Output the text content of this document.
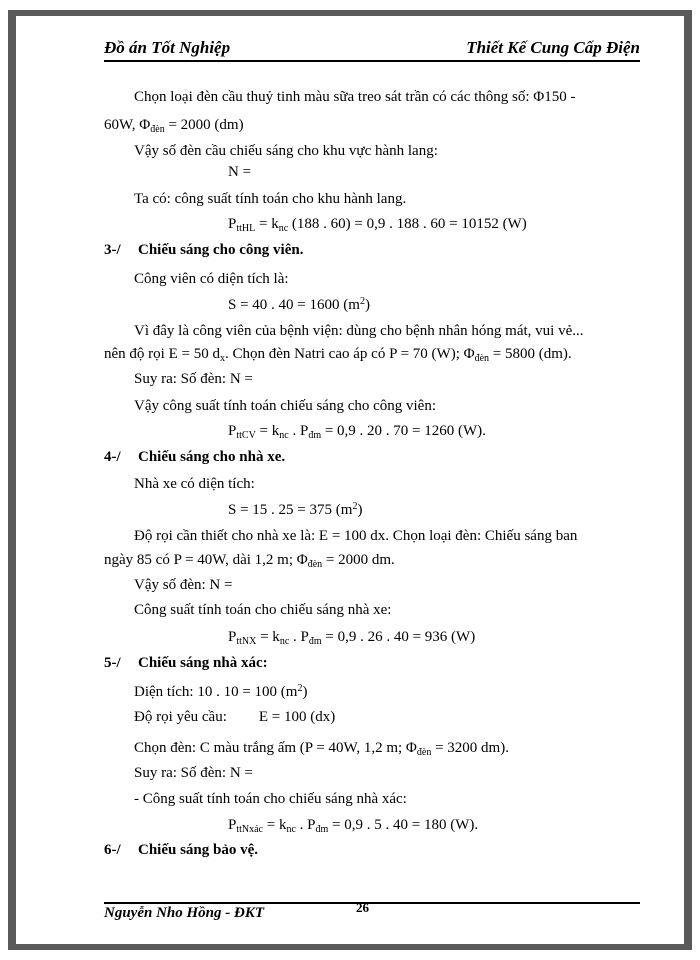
Đồ án Tốt Nghiệp	Thiết Kế Cung Cấp Điện
Chọn loại đèn cầu thuỷ tinh màu sữa treo sát trần có các thông số: Φ150 -
60W, $\Phi_{đèn} = 2000$ (dm)
Vậy số đèn cầu chiếu sáng cho khu vực hành lang:
N =
Ta có: công suất tính toán cho khu hành lang.
$P_{ttHL} = k_{nc}$ (188 . 60) = 0,9 . 188 . 60 = 10152 (W)
3-/ Chiếu sáng cho công viên.
Công viên có diện tích là:
S = 40 . 40 = 1600 $(m^2)$
Vì đây là công viên của bệnh viện: dùng cho bệnh nhân hóng mát, vui vẻ...
nên độ rọi E = 50 $d_x$. Chọn đèn Natri cao áp có P = 70 (W); $\Phi_{đèn} = 5800$ (dm).
Suy ra: Số đèn: N =
Vậy công suất tính toán chiếu sáng cho công viên:
$P_{ttCV} = k_{nc}$ . $P_{đm} = 0,9$ . 20 . 70 = 1260 (W).
4-/ Chiếu sáng cho nhà xe.
Nhà xe có diện tích:
S = 15 . 25 = 375 $(m^2)$
Độ rọi cần thiết cho nhà xe là: E = 100 dx. Chọn loại đèn: Chiếu sáng ban
ngày 85 có P = 40W, dài 1,2 m; $\Phi_{đèn} = 2000$ dm.
Vậy số đèn: N =
Công suất tính toán cho chiếu sáng nhà xe:
$P_{ttNX} = k_{nc}$ . $P_{đm} = 0,9$ . 26 . 40 = 936 (W)
5-/ Chiếu sáng nhà xác:
Diện tích: 10 . 10 = 100 $(m^2)$
Độ rọi yêu cầu: E = 100 (dx)
Chọn đèn: C màu trắng ấm (P = 40W, 1,2 m; $\Phi_{đèn} = 3200$ dm).
Suy ra: Số đèn: N =
- Công suất tính toán cho chiếu sáng nhà xác:
$P_{ttNxác} = k_{nc}$ . $P_{đm} = 0,9$ . 5 . 40 = 180 (W).
6-/ Chiếu sáng bảo vệ.
Nguyễn Nho Hồng - ĐKT	26
